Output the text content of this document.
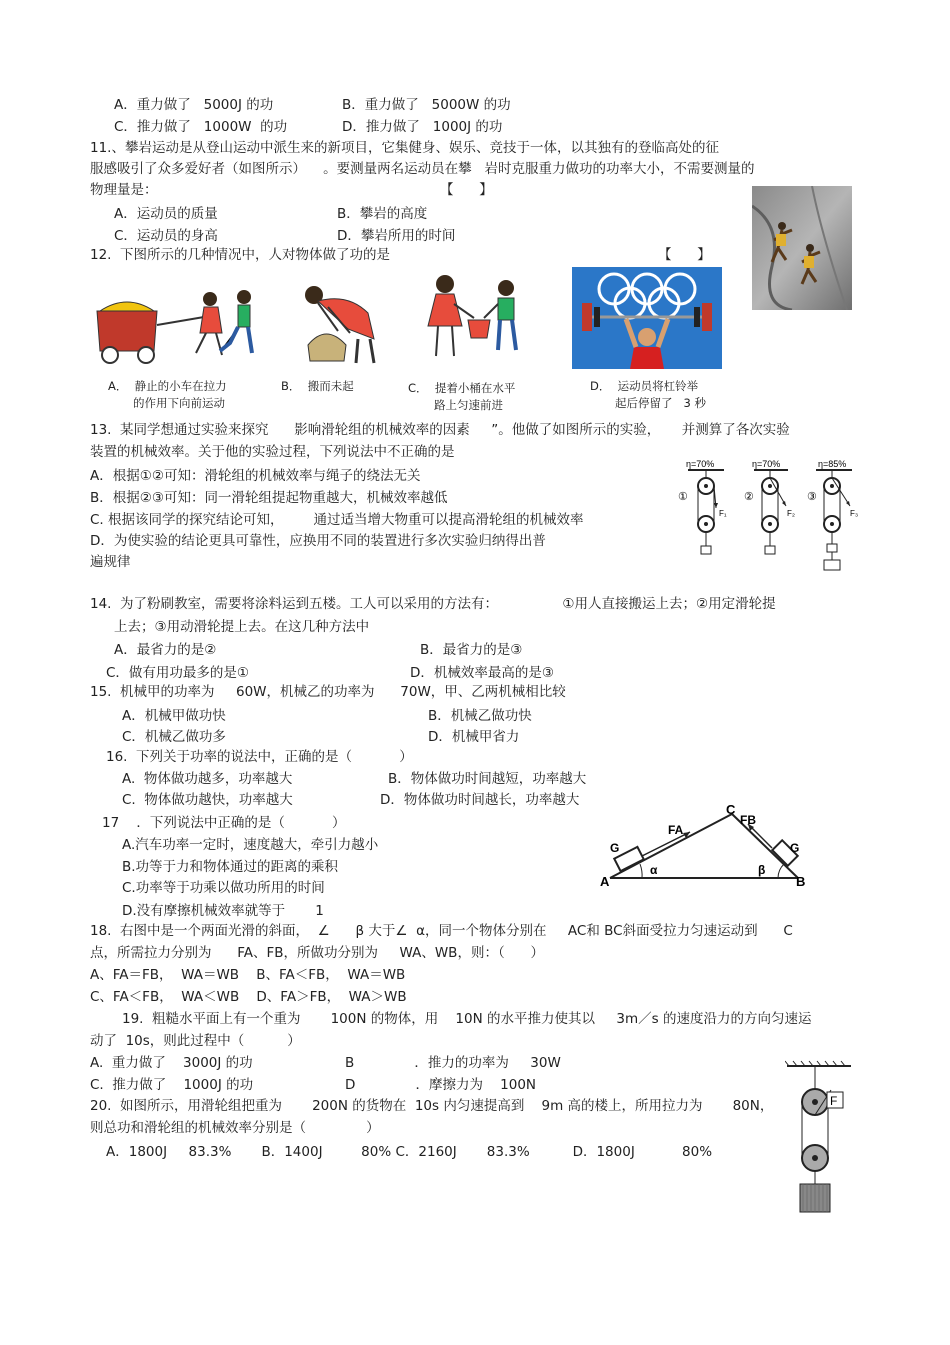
A．重力做了   5000J 的功	B．重力做了   5000W 的功
C．推力做了   1000W  的功	D．推力做了   1000J 的功
11.、攀岩运动是从登山运动中派生来的新项目，它集健身、娱乐、竞技于一体，以其独有的登临高处的征
服感吸引了众多爱好者（如图所示）    。要测量两名运动员在攀   岩时克服重力做功的功率大小，不需要测量的
物理量是：	【      】
A．运动员的质量	B．攀岩的高度
C．运动员的身高	D．攀岩所用的时间
12.  下图所示的几种情况中，人对物体做了功的是	【      】
A．  静止的小车在拉力
的作用下向前运动
B．  搬而未起	C．  提着小桶在水平
路上匀速前进
D．  运动员将杠铃举
起后停留了   3 秒
13.  某同学想通过实验来探究      影响滑轮组的机械效率的因素     ”。他做了如图所示的实验，     并测算了各次实验
装置的机械效率。关于他的实验过程，下列说法中不正确的是
A．根据①②可知：滑轮组的机械效率与绳子的绕法无关
B．根据②③可知：同一滑轮组提起物重越大，机械效率越低
C. 根据该同学的探究结论可知，       通过适当增大物重可以提高滑轮组的机械效率
D．为使实验的结论更具可靠性，应换用不同的装置进行多次实验归纳得出普
遍规律
η=70%
F₁
①
η=70%
F₂
②
η=85%
F₃
③
14.  为了粉刷教室，需要将涂料运到五楼。工人可以采用的方法有：               ①用人直接搬运上去；②用定滑轮提
上去；③用动滑轮提上去。在这几种方法中
A．最省力的是②	B．最省力的是③
C．做有用功最多的是①	D．机械效率最高的是③
15.  机械甲的功率为     60W，机械乙的功率为      70W，甲、乙两机械相比较
A．机械甲做功快	B．机械乙做功快
C．机械乙做功多	D．机械甲省力
16.  下列关于功率的说法中，正确的是（           ）
A.  物体做功越多，功率越大	B．物体做功时间越短，功率越大
C.  物体做功越快，功率越大	D．物体做功时间越长，功率越大
17    ．下列说法中正确的是（           ）
A.汽车功率一定时，速度越大，牵引力越小
B.功等于力和物体通过的距离的乘积
C.功率等于功乘以做功所用的时间
D.没有摩擦机械效率就等于       1
A	B
C
FA
FB
G	G
α	β
18.  右图中是一个两面光滑的斜面，  ∠      β 大于∠  α，同一个物体分别在     AC和 BC斜面受拉力匀速运动到      C
点，所需拉力分别为      FA、FB，所做功分别为     WA、WB，则：（      ）
A、FA＝FB，  WA＝WB    B、FA＜FB，  WA＝WB
C、FA＜FB，  WA＜WB    D、FA＞FB，  WA＞WB
19.  粗糙水平面上有一个重为       100N 的物体，用    10N 的水平推力使其以     3m／s 的速度沿力的方向匀速运
动了  10s，则此过程中（          ）
A.  重力做了    3000J 的功	B              ．推力的功率为     30W
C.  推力做了    1000J 的功	D              ．摩擦力为    100N
20.  如图所示，用滑轮组把重为       200N 的货物在  10s 内匀速提高到    9m 高的楼上，所用拉力为       80N，
则总功和滑轮组的机械效率分别是（              ）
A．1800J     83.3%       B．1400J         80% C．2160J       83.3%          D．1800J           80%
F
